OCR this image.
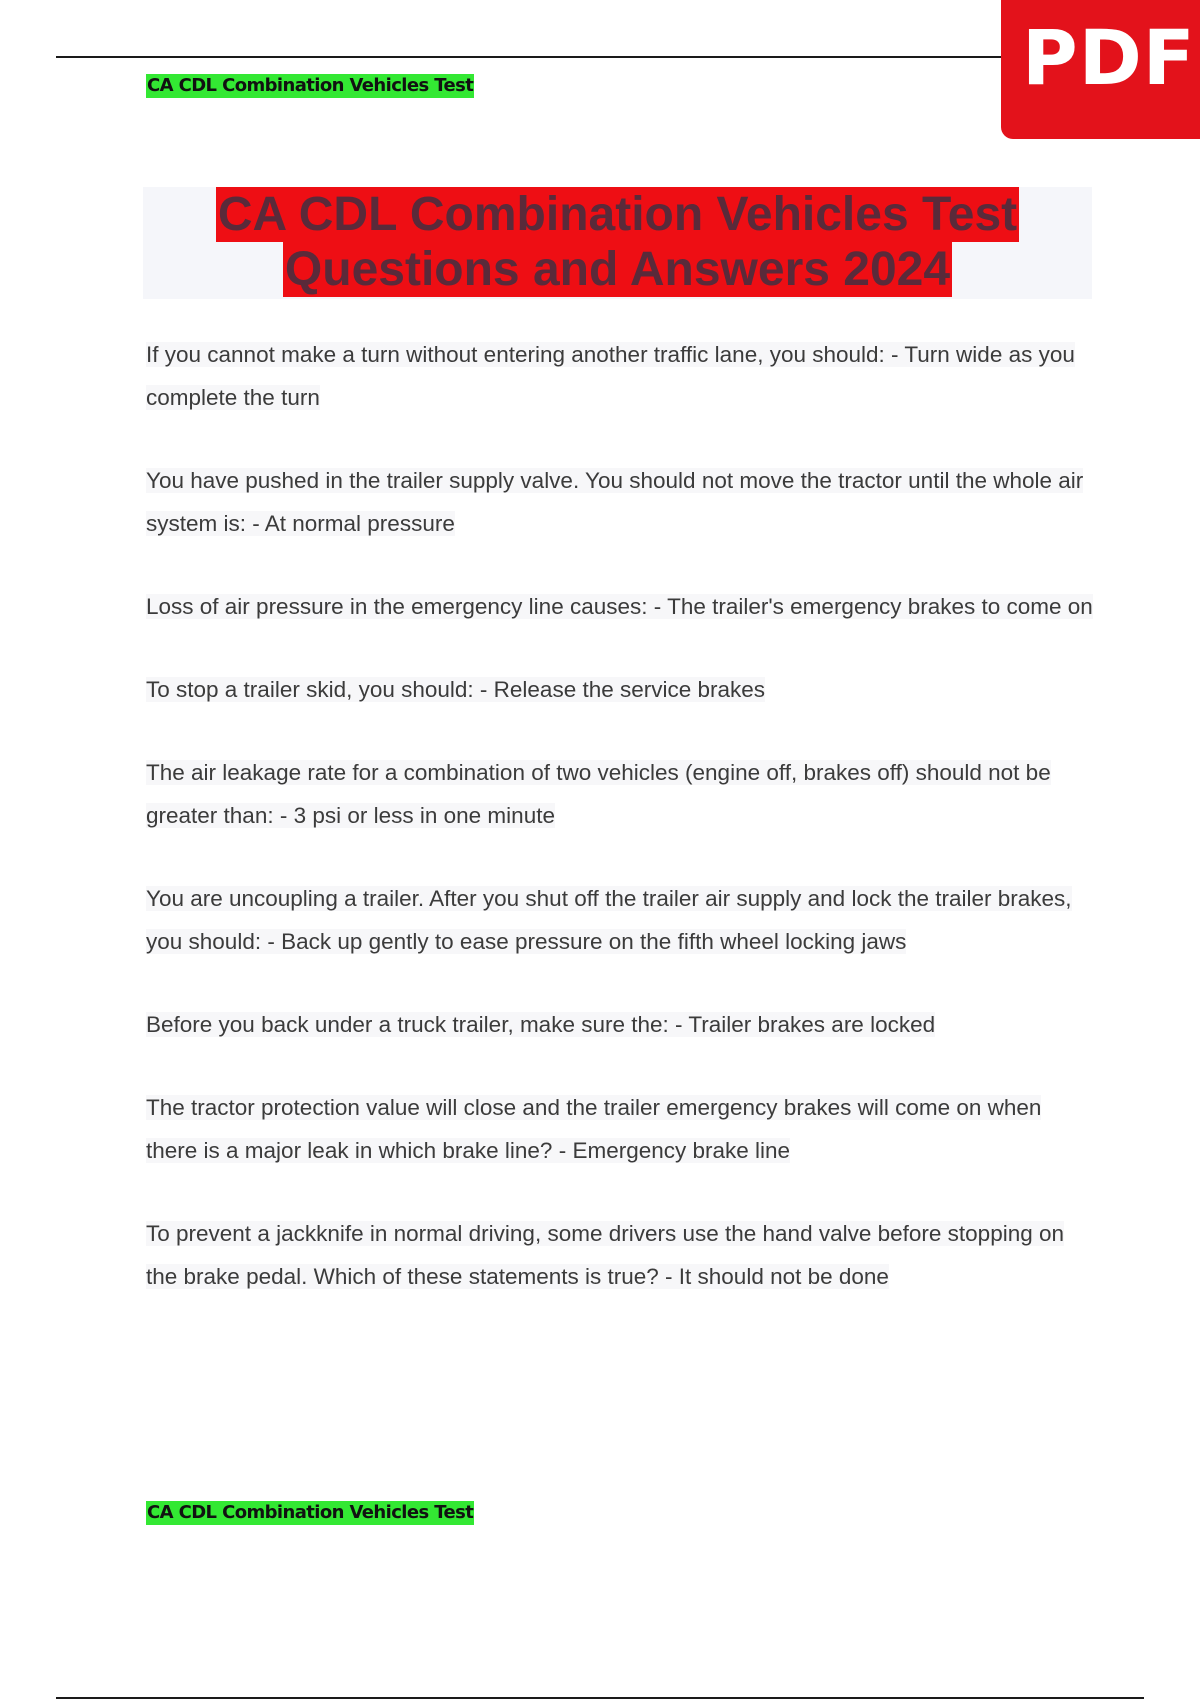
PDF
CA CDL Combination Vehicles Test
CA CDL Combination Vehicles Test
Questions and Answers 2024

If you cannot make a turn without entering another traffic lane, you should: - Turn wide as you complete the turn

You have pushed in the trailer supply valve. You should not move the tractor until the whole air system is: - At normal pressure

Loss of air pressure in the emergency line causes: - The trailer's emergency brakes to come on

To stop a trailer skid, you should: - Release the service brakes

The air leakage rate for a combination of two vehicles (engine off, brakes off) should not be greater than: - 3 psi or less in one minute

You are uncoupling a trailer. After you shut off the trailer air supply and lock the trailer brakes, you should: - Back up gently to ease pressure on the fifth wheel locking jaws

Before you back under a truck trailer, make sure the: - Trailer brakes are locked

The tractor protection value will close and the trailer emergency brakes will come on when there is a major leak in which brake line? - Emergency brake line

To prevent a jackknife in normal driving, some drivers use the hand valve before stopping on the brake pedal. Which of these statements is true? - It should not be done

CA CDL Combination Vehicles Test
